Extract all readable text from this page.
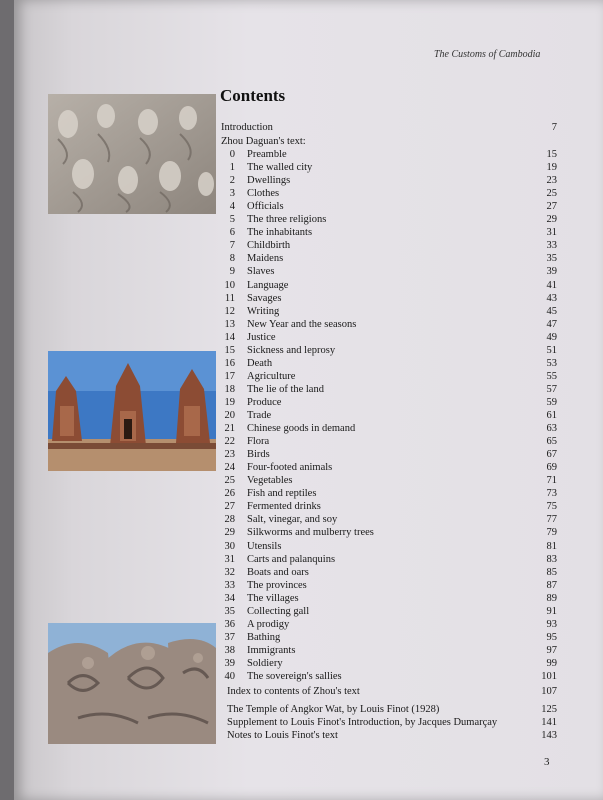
The Customs of Cambodia
Contents
Introduction	7
Zhou Daguan's text:
0 Preamble	15
1 The walled city	19
2 Dwellings	23
3 Clothes	25
4 Officials	27
5 The three religions	29
6 The inhabitants	31
7 Childbirth	33
8 Maidens	35
9 Slaves	39
10 Language	41
11 Savages	43
12 Writing	45
13 New Year and the seasons	47
14 Justice	49
15 Sickness and leprosy	51
16 Death	53
17 Agriculture	55
18 The lie of the land	57
19 Produce	59
20 Trade	61
21 Chinese goods in demand	63
22 Flora	65
23 Birds	67
24 Four-footed animals	69
25 Vegetables	71
26 Fish and reptiles	73
27 Fermented drinks	75
28 Salt, vinegar, and soy	77
29 Silkworms and mulberry trees	79
30 Utensils	81
31 Carts and palanquins	83
32 Boats and oars	85
33 The provinces	87
34 The villages	89
35 Collecting gall	91
36 A prodigy	93
37 Bathing	95
38 Immigrants	97
39 Soldiery	99
40 The sovereign's sallies	101
Index to contents of Zhou's text	107
The Temple of Angkor Wat, by Louis Finot (1928)	125
Supplement to Louis Finot's Introduction, by Jacques Dumarçay	141
Notes to Louis Finot's text	143
3
